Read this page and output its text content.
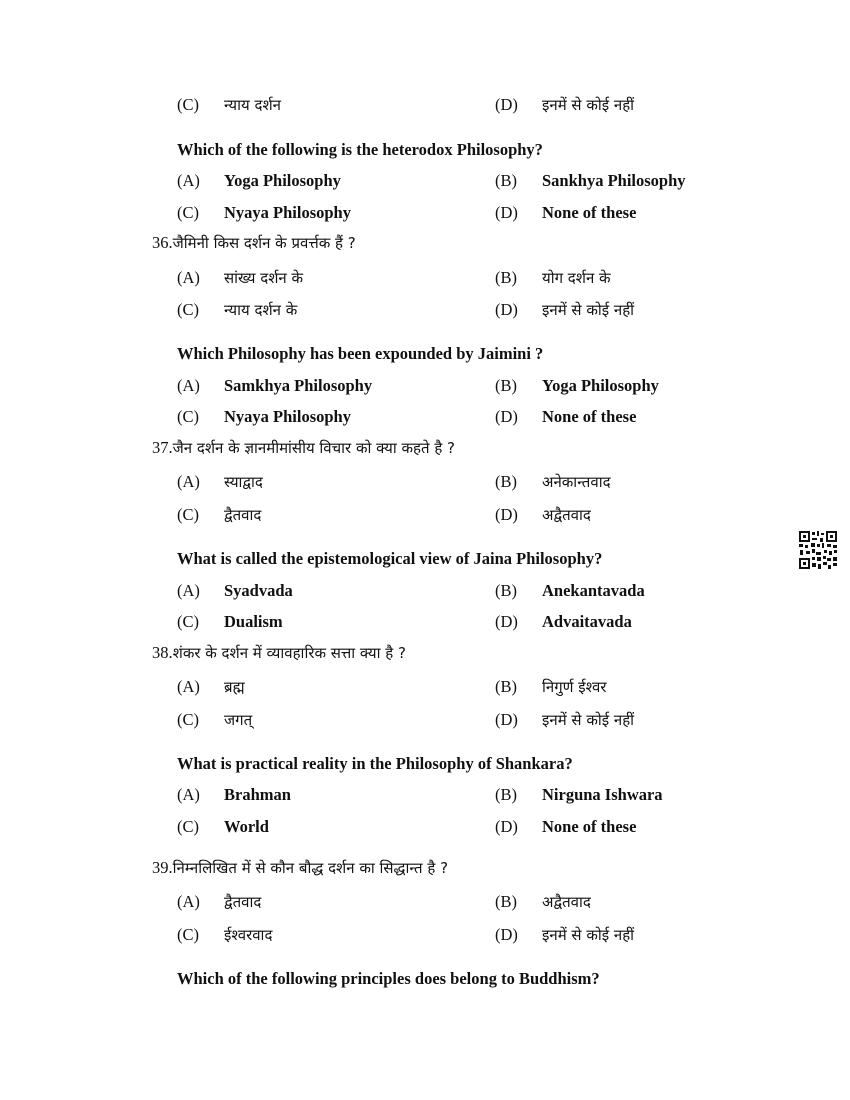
(C) न्याय दर्शन	(D) इनमें से कोई नहीं
Which of the following is the heterodox Philosophy?
(A) Yoga Philosophy	(B) Sankhya Philosophy
(C) Nyaya Philosophy	(D) None of these
36.जैमिनी किस दर्शन के प्रवर्त्तक हैं ?
(A) सांख्य दर्शन के	(B) योग दर्शन के
(C) न्याय दर्शन के	(D) इनमें से कोई नहीं
Which Philosophy has been expounded by Jaimini ?
(A) Samkhya Philosophy	(B) Yoga Philosophy
(C) Nyaya Philosophy	(D) None of these
37.जैन दर्शन के ज्ञानमीमांसीय विचार को क्या कहते है ?
(A) स्याद्वाद	(B) अनेकान्तवाद
(C) द्वैतवाद	(D) अद्वैतवाद
What is called the epistemological view of Jaina Philosophy?
(A) Syadvada	(B) Anekantavada
(C) Dualism	(D) Advaitavada
38.शंकर के दर्शन में व्यावहारिक सत्ता क्या है ?
(A) ब्रह्म	(B) निगुर्ण ईश्वर
(C) जगत्	(D) इनमें से कोई नहीं
What is practical reality in the Philosophy of Shankara?
(A) Brahman	(B) Nirguna Ishwara
(C) World	(D) None of these
39.निम्नलिखित में से कौन बौद्ध दर्शन का सिद्धान्त है ?
(A) द्वैतवाद	(B) अद्वैतवाद
(C) ईश्वरवाद	(D) इनमें से कोई नहीं
Which of the following principles does belong to Buddhism?
